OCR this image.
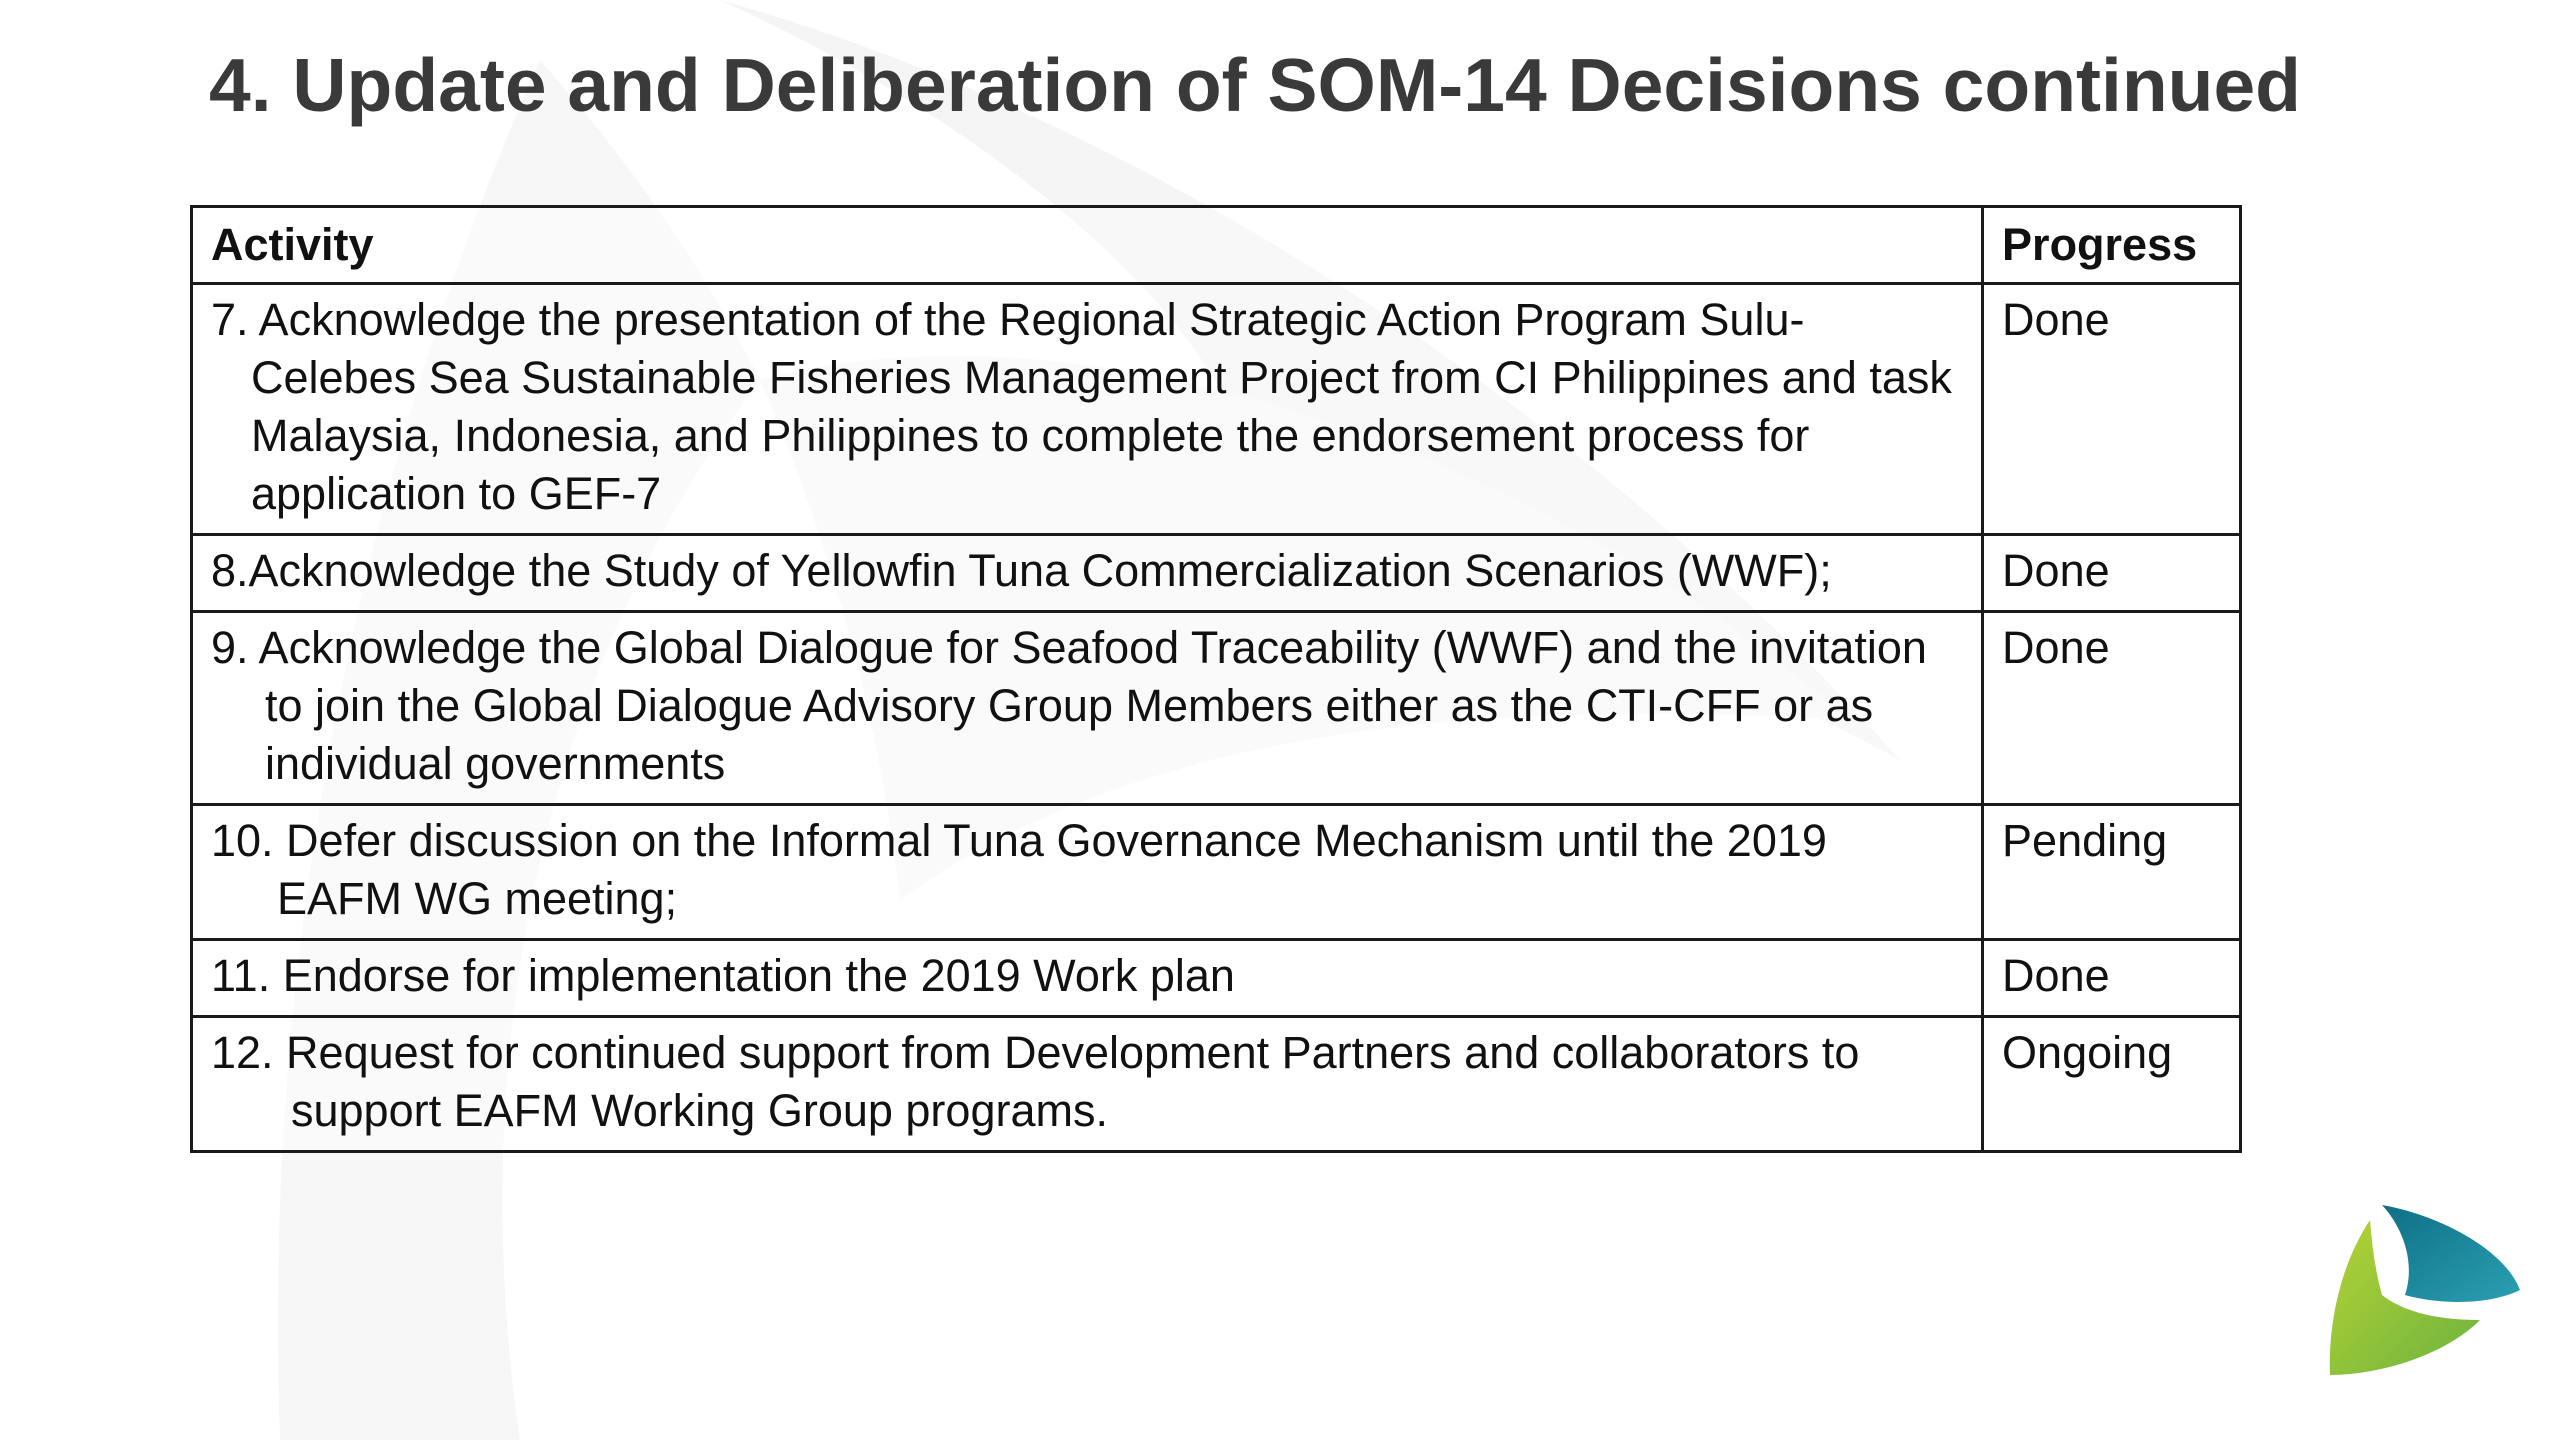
4. Update and Deliberation of SOM-14 Decisions continued
Activity	Progress

7. Acknowledge the presentation of the Regional Strategic Action Program Sulu-Celebes Sea Sustainable Fisheries Management Project from CI Philippines and task Malaysia, Indonesia, and Philippines to complete the endorsement process for application to GEF-7	Done

8.Acknowledge the Study of Yellowfin Tuna Commercialization Scenarios (WWF);	Done

9. Acknowledge the Global Dialogue for Seafood Traceability (WWF) and the invitation to join the Global Dialogue Advisory Group Members either as the CTI-CFF or as individual governments	Done

10. Defer discussion on the Informal Tuna Governance Mechanism until the 2019 EAFM WG meeting;	Pending

11. Endorse for implementation the 2019 Work plan	Done

12. Request for continued support from Development Partners and collaborators to support EAFM Working Group programs.	Ongoing
